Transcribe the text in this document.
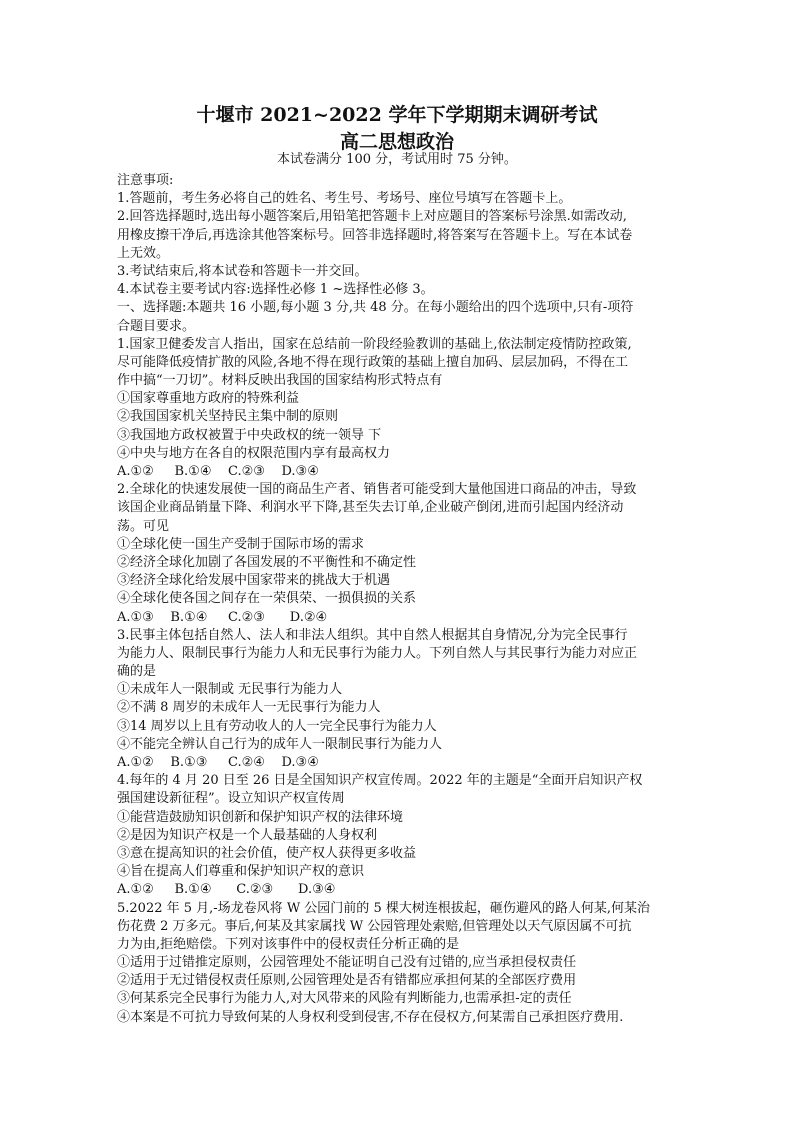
十堰市 2021~2022 学年下学期期末调研考试
高二思想政治
本试卷满分 100 分，考试用时 75 分钟。
注意事项:
1.答题前，考生务必将自己的姓名、考生号、考场号、座位号填写在答题卡上。
2.回答选择题时,选出每小题答案后,用铅笔把答题卡上对应题目的答案标号涂黑.如需改动,
用橡皮擦干净后,再选涂其他答案标号。回答非选择题时,将答案写在答题卡上。写在本试卷
上无效。
3.考试结束后,将本试卷和答题卡一并交回。
4.本试卷主要考试内容:选择性必修 1 ~选择性必修 3。
一、选择题:本题共 16 小题,每小题 3 分,共 48 分。在每小题给出的四个选项中,只有-项符
合题目要求。
1.国家卫健委发言人指出，国家在总结前一阶段经验教训的基础上,依法制定疫情防控政策,
尽可能降低疫情扩散的风险,各地不得在现行政策的基础上擅自加码、层层加码，不得在工
作中搞“一刀切”。材料反映出我国的国家结构形式特点有
①国家尊重地方政府的特殊利益
②我国国家机关坚持民主集中制的原则
③我国地方政权被置于中央政权的统一领导 下
④中央与地方在各自的权限范围内享有最高权力
A.①②     B.①④    C.②③    D.③④
2.全球化的快速发展使一国的商品生产者、销售者可能受到大量他国进口商品的冲击，导致
该国企业商品销量下降、利润水平下降,甚至失去订单,企业破产倒闭,进而引起国内经济动
荡。可见
①全球化使一国生产受制于国际市场的需求
②经济全球化加剧了各国发展的不平衡性和不确定性
③经济全球化给发展中国家带来的挑战大于机遇
④全球化使各国之间存在一荣俱荣、一损俱损的关系
A.①③    B.①④     C.②③      D.②④
3.民事主体包括自然人、法人和非法人组织。其中自然人根据其自身情况,分为完全民事行
为能力人、限制民事行为能力人和无民事行为能力人。下列自然人与其民事行为能力对应正
确的是
①未成年人一限制或 无民事行为能力人
②不满 8 周岁的未成年人一无民事行为能力人
③14 周岁以上且有劳动收人的人一完全民事行为能力人
④不能完全辨认自己行为的成年人一限制民事行为能力人
A.①②    B.①③     C.②④    D.③④
4.每年的 4 月 20 日至 26 日是全国知识产权宣传周。2022 年的主题是“全面开启知识产权
强国建设新征程”。设立知识产权宣传周
①能营造鼓励知识创新和保护知识产权的法律环境
②是因为知识产权是一个人最基础的人身权利
③意在提高知识的社会价值，使产权人获得更多收益
④旨在提高人们尊重和保护知识产权的意识
A.①②     B.①④      C.②③      D.③④
5.2022 年 5 月,-场龙卷风将 W 公园门前的 5 棵大树连根拔起，砸伤避风的路人何某,何某治
伤花费 2 万多元。事后,何某及其家属找 W 公园管理处索赔,但管理处以天气原因属不可抗
力为由,拒绝赔偿。下列对该事件中的侵权责任分析正确的是
①适用于过错推定原则，公园管理处不能证明自己没有过错的,应当承担侵权责任
②适用于无过错侵权责任原则,公园管理处是否有错都应承担何某的全部医疗费用
③何某系完全民事行为能力人,对大风带来的风险有判断能力,也需承担-定的责任
④本案是不可抗力导致何某的人身权利受到侵害,不存在侵权方,何某需自己承担医疗费用.
